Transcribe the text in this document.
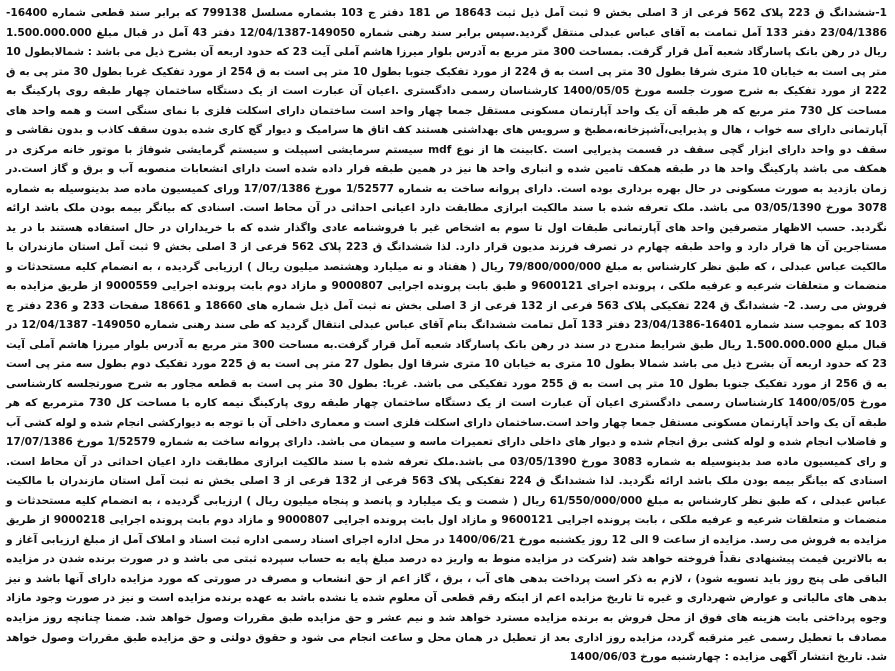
1-ششدانگ ق 223 پلاک 562 فرعی از 3 اصلی بخش 9 ثبت آمل ذیل ثبت 18643 ص 181 دفتر ج 103 بشماره مسلسل 799138 که برابر سند قطعی شماره 16400-23/04/1386 دفتر 133 آمل تمامت به آقای عباس عبدلی منتقل گردید.سپس برابر سند رهنی شماره 149050-12/04/1387 دفتر 43 آمل در قبال مبلغ 1.500.000.000 ریال در رهن بانک پاسارگاد شعبه آمل قرار گرفت. بمساحت 300 متر مربع به آدرس بلوار میرزا هاشم آملی آیت 23 که حدود اربعه آن بشرح ذیل می باشد : شمالابطول 10 متر پی است به خیابان 10 متری شرقا بطول 30 متر پی است به ق 224 از مورد تفکیک جنوبا بطول 10 متر پی است به ق 254 از مورد تفکیک غربا بطول 30 متر پی به ق 222 از مورد تفکیک به شرح صورت جلسه مورخ 1400/05/05 کارشناسان رسمی دادگستری .اعیان آن عبارت است از یک دستگاه ساختمان چهار طبقه روی پارکینگ به مساحت کل 730 متر مربع که هر طبقه آن یک واحد آپارتمان مسکونی مستقل جمعا چهار واحد است ساختمان دارای اسکلت فلزی با نمای سنگی است و همه واحد های آپارتمانی دارای سه خواب ، هال و پذیرایی،آشپزخانه،مطبخ و سرویس های بهداشتی هستند کف اتاق ها سرامیک و دیوار گچ کاری شده بدون سقف کاذب و بدون نقاشی و سقف دو واحد دارای ابزار گچی سقف در قسمت پذیرایی است .کابینت ها از نوع mdf سیستم سرمایشی اسپیلت و سیستم گرمایشی شوفاژ با موتور خانه مرکزی در همکف می باشد پارکینگ واحد ها در طبقه همکف تامین شده و انباری واحد ها نیز در همین طبقه قرار داده شده است دارای انشعابات منصوبه آب و برق و گاز است.در زمان بازدید به صورت مسکونی در حال بهره برداری بوده است. دارای پروانه ساخت به شماره 1/52577 مورخ 17/07/1386 ورای کمیسیون ماده صد بدینوسیله به شماره 3078 مورخ 03/05/1390 می باشد. ملک تعرفه شده با سند مالکیت ابرازی مطابقت دارد اعیانی احداثی در آن محاط است. اسنادی که بیانگر بیمه بودن ملک باشد ارائه نگردید. حسب الاظهار متصرفین واحد های آپارتمانی طبقات اول تا سوم به اشخاص غیر با فروشنامه عادی واگذار شده که با خریداران در حال استفاده هستند با در ید مستاجرین آن ها قرار دارد و واحد طبقه چهارم در تصرف فرزند مدیون قرار دارد. لذا ششدانگ ق 223 پلاک 562 فرعی از 3 اصلی بخش 9 ثبت آمل استان مازندران با مالکیت عباس عبدلی ، که طبق نظر کارشناس به مبلغ 79/800/000/000 ریال ( هفتاد و نه میلیارد وهشتصد میلیون ریال ) ارزیابی گردیده ، به انضمام کلیه مستحدثات و منضمات و متعلقات شرعیه و عرفیه ملکی ، پرونده اجرای 9600121 و طبق بابت پرونده اجرایی 9000807 و مازاد دوم بابت پرونده اجرایی 9000559 از طریق مزایده به فروش می رسد. 2- ششدانگ ق 224 تفکیکی پلاک 563 فرعی از 132 فرعی از 3 اصلی بخش نه ثبت آمل ذیل شماره های 18660 و 18661 صفحات 233 و 236 دفتر ج 103 که بموجب سند شماره 16401-23/04/1386 دفتر 133 آمل تمامت ششدانگ بنام آقای عباس عبدلی انتقال گردید که طی سند رهنی شماره 149050- 12/04/1387 در قبال مبلغ 1.500.000.000 ریال طبق شرایط مندرج در سند در رهن بانک پاسارگاد شعبه آمل قرار گرفت.به مساحت 300 متر مربع به آدرس بلوار میرزا هاشم آملی آیت 23 که حدود اربعه آن بشرح ذیل می باشد شمالا بطول 10 متری به خیابان 10 متری شرقا اول بطول 27 متر پی است به ق 225 مورد تفکیک دوم بطول سه متر پی است به ق 256 از مورد تفکیک جنوبا بطول 10 متر پی است به ق 255 مورد تفکیکی می باشد. غربا: بطول 30 متر پی است به قطعه مجاور به شرح صورتجلسه کارشناسی مورخ 1400/05/05 کارشناسان رسمی دادگستری اعیان آن عبارت است از یک دستگاه ساختمان چهار طبقه روی پارکینگ نیمه کاره با مساحت کل 730 مترمربع که هر طبقه آن یک واحد آپارتمان مسکونی مستقل جمعا چهار واحد است.ساختمان دارای اسکلت فلزی است و معماری داخلی آن با توجه به دیوارکشی انجام شده و لوله کشی آب و فاضلاب انجام شده و لوله کشی برق انجام شده و دیوار های داخلی دارای تعمیرات ماسه و سیمان می باشد. دارای پروانه ساخت به شماره 1/52579 مورخ 17/07/1386 و رای کمیسیون ماده صد بدینوسیله به شماره 3083 مورخ 03/05/1390 می باشد.ملک تعرفه شده با سند مالکیت ابرازی مطابقت دارد اعیان احداثی در آن محاط است. اسنادی که بیانگر بیمه بودن ملک باشد ارائه نگردید. لذا ششدانگ ق 224 تفکیکی پلاک 563 فرعی از 132 فرعی از 3 اصلی بخش نه ثبت آمل استان مازندران با مالکیت عباس عبدلی ، که طبق نظر کارشناس به مبلغ 61/550/000/000 ریال ( شصت و یک میلیارد و پانصد و پنجاه میلیون ریال ) ارزیابی گردیده ، به انضمام کلیه مستحدثات و منضمات و متعلقات شرعیه و عرفیه ملکی ، بابت پرونده اجرایی 9600121 و مازاد اول بابت پرونده اجرایی 9000807 و مازاد دوم بابت پرونده اجرایی 9000218 از طریق مزایده به فروش می رسد. مزایده از ساعت 9 الی 12 روز یکشنبه مورخ 1400/06/21 در محل اداره اجرای اسناد رسمی اداره ثبت اسناد و املاک آمل از مبلغ ارزیابی آغاز و به بالاترین قیمت پیشنهادی نقداً فروخته خواهد شد (شرکت در مزایده منوط به واریز ده درصد مبلغ پایه به حساب سپرده ثبتی می باشد و در صورت برنده شدن در مزایده الباقی طی پنج روز باید تسویه شود) ، لازم به ذکر است پرداخت بدهی های آب ، برق ، گاز اعم از حق انشعاب و مصرف در صورتی که مورد مزایده دارای آنها باشد و نیز بدهی های مالیاتی و عوارض شهرداری و غیره تا تاریخ مزایده اعم از اینکه رقم قطعی آن معلوم شده یا نشده باشد به عهده برنده مزایده است و نیز در صورت وجود مازاد وجوه پرداختی بابت هزینه های فوق از محل فروش به برنده مزایده مسترد خواهد شد و نیم عشر و حق مزایده طبق مقررات وصول خواهد شد. ضمنا چنانچه روز مزایده مصادف با تعطیل رسمی غیر مترقبه گردد، مزایده روز اداری بعد از تعطیل در همان محل و ساعت انجام می شود و حقوق دولتی و حق مزایده طبق مقررات وصول خواهد شد. تاریخ انتشار آگهی مزایده : چهارشنبه مورخ 1400/06/03
